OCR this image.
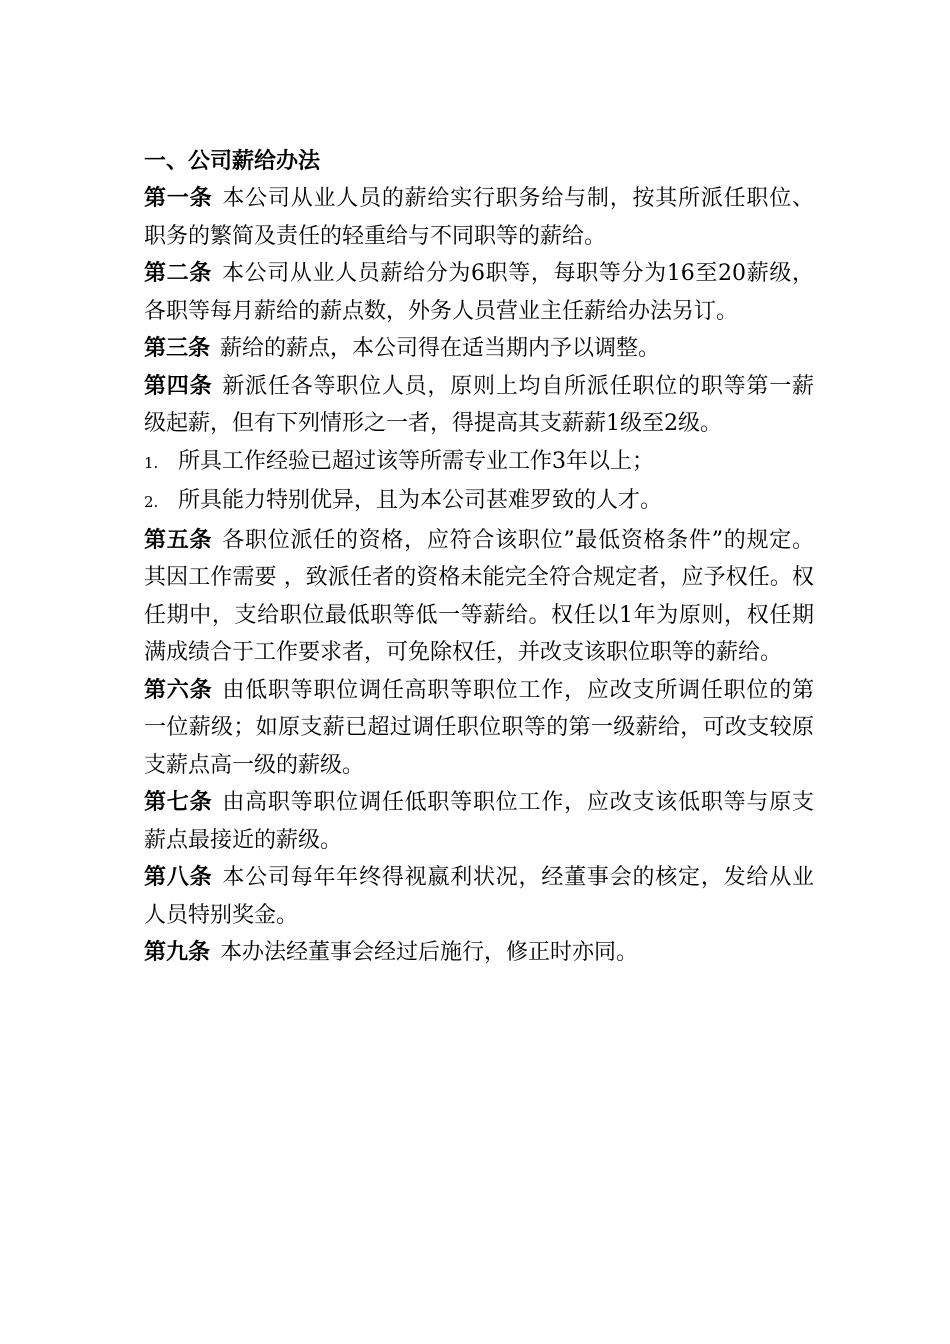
一、公司薪给办法

第一条 本公司从业人员的薪给实行职务给与制，按其所派任职位、职务的繁简及责任的轻重给与不同职等的薪给。

第二条 本公司从业人员薪给分为6职等，每职等分为16至20薪级，各职等每月薪给的薪点数，外务人员营业主任薪给办法另订。

第三条 薪给的薪点，本公司得在适当期内予以调整。

第四条 新派任各等职位人员，原则上均自所派任职位的职等第一薪级起薪，但有下列情形之一者，得提高其支薪薪1级至2级。

1. 所具工作经验已超过该等所需专业工作3年以上；

2. 所具能力特别优异，且为本公司甚难罗致的人才。

第五条 各职位派任的资格，应符合该职位”最低资格条件”的规定。其因工作需要 ，致派任者的资格未能完全符合规定者，应予权任。权任期中，支给职位最低职等低一等薪给。权任以1年为原则，权任期满成绩合于工作要求者，可免除权任，并改支该职位职等的薪给。

第六条 由低职等职位调任高职等职位工作，应改支所调任职位的第一位薪级；如原支薪已超过调任职位职等的第一级薪给，可改支较原支薪点高一级的薪级。

第七条 由高职等职位调任低职等职位工作，应改支该低职等与原支薪点最接近的薪级。

第八条 本公司每年年终得视嬴利状况，经董事会的核定，发给从业人员特别奖金。

第九条 本办法经董事会经过后施行，修正时亦同。
